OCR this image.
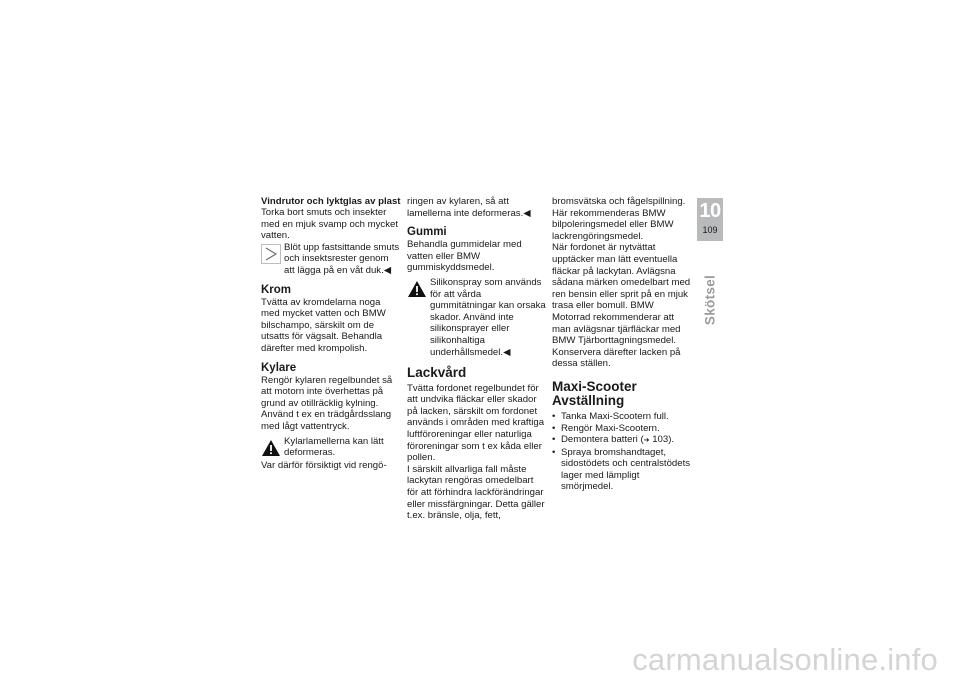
Vindrutor och lyktglas av plast

Torka bort smuts och insekter med en mjuk svamp och mycket vatten.

Blöt upp fastsittande smuts och insektsrester genom att lägga på en våt duk.◀

Krom

Tvätta av kromdelarna noga med mycket vatten och BMW bilschampo, särskilt om de utsatts för vägsalt. Behandla därefter med krompolish.

Kylare

Rengör kylaren regelbundet så att motorn inte överhettas på grund av otillräcklig kylning. Använd t ex en trädgårdsslang med lågt vattentryck.

Kylarlamellerna kan lätt deformeras.

Var därför försiktigt vid rengö-

ringen av kylaren, så att lamellerna inte deformeras.◀

Gummi

Behandla gummidelar med vatten eller BMW gummiskyddsmedel.

Silikonspray som används för att vårda gummitätningar kan orsaka skador. Använd inte silikonsprayer eller silikonhaltiga underhållsmedel.◀

Lackvård

Tvätta fordonet regelbundet för att undvika fläckar eller skador på lacken, särskilt om fordonet används i områden med kraftiga luftföroreningar eller naturliga föroreningar som t ex kåda eller pollen.

I särskilt allvarliga fall måste lackytan rengöras omedelbart för att förhindra lackförändringar eller missfärgningar. Detta gäller t.ex. bränsle, olja, fett,

bromsvätska och fågelspillning. Här rekommenderas BMW bilpoleringsmedel eller BMW lackrengöringsmedel.

När fordonet är nytvättat upptäcker man lätt eventuella fläckar på lackytan. Avlägsna sådana märken omedelbart med ren bensin eller sprit på en mjuk trasa eller bomull. BMW Motorrad rekommenderar att man avlägsnar tjärfläckar med BMW Tjärborttagningsmedel. Konservera därefter lacken på dessa ställen.

Maxi-Scooter Avställning

• Tanka Maxi-Scootern full.
• Rengör Maxi-Scootern.
• Demontera batteri (➜ 103).
• Spraya bromshandtaget, sidostödets och centralstödets lager med lämpligt smörjmedel.
10
109
Skötsel
carmanualsonline.info
